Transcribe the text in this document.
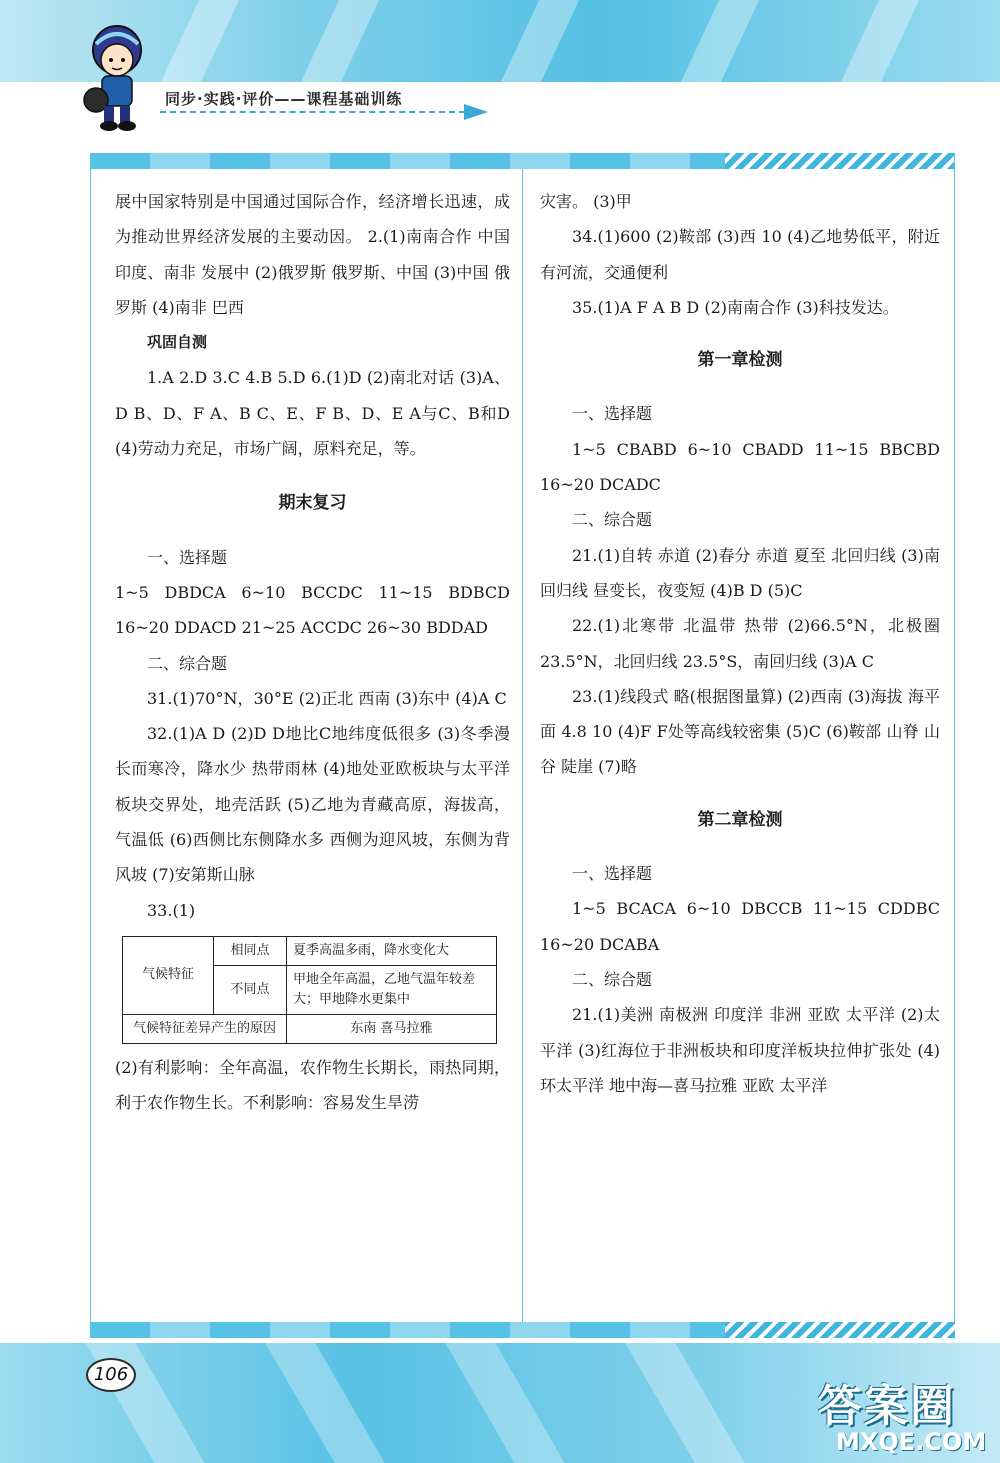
同步·实践·评价——课程基础训练

展中国家特别是中国通过国际合作，经济增长迅速，成为推动世界经济发展的主要动因。 2.(1)南南合作 中国 印度、南非 发展中 (2)俄罗斯 俄罗斯、中国 (3)中国 俄罗斯 (4)南非 巴西

巩固自测

1.A 2.D 3.C 4.B 5.D 6.(1)D (2)南北对话 (3)A、D B、D、F A、B C、E、F B、D、E A与C、B和D (4)劳动力充足，市场广阔，原料充足，等。

期末复习

一、选择题

1~5 DBDCA 6~10 BCCDC 11~15 BDBCD 16~20 DDACD 21~25 ACCDC 26~30 BDDAD

二、综合题

31.(1)70°N，30°E (2)正北 西南 (3)东中 (4)A C

32.(1)A D (2)D D地比C地纬度低很多 (3)冬季漫长而寒冷，降水少 热带雨林 (4)地处亚欧板块与太平洋板块交界处，地壳活跃 (5)乙地为青藏高原，海拔高，气温低 (6)西侧比东侧降水多 西侧为迎风坡，东侧为背风坡 (7)安第斯山脉

33.(1)

气候特征	相同点	夏季高温多雨，降水变化大
	不同点	甲地全年高温，乙地气温年较差大；甲地降水更集中
气候特征差异产生的原因		东南 喜马拉雅

(2)有利影响：全年高温，农作物生长期长，雨热同期，利于农作物生长。不利影响：容易发生旱涝

灾害。 (3)甲

34.(1)600 (2)鞍部 (3)西 10 (4)乙地势低平，附近有河流，交通便利

35.(1)A F A B D (2)南南合作 (3)科技发达。

第一章检测

一、选择题

1~5 CBABD 6~10 CBADD 11~15 BBCBD 16~20 DCADC

二、综合题

21.(1)自转 赤道 (2)春分 赤道 夏至 北回归线 (3)南回归线 昼变长，夜变短 (4)B D (5)C

22.(1)北寒带 北温带 热带 (2)66.5°N，北极圈 23.5°N，北回归线 23.5°S，南回归线 (3)A C

23.(1)线段式 略(根据图量算) (2)西南 (3)海拔 海平面 4.8 10 (4)F F处等高线较密集 (5)C (6)鞍部 山脊 山谷 陡崖 (7)略

第二章检测

一、选择题

1~5 BCACA 6~10 DBCCB 11~15 CDDBC 16~20 DCABA

二、综合题

21.(1)美洲 南极洲 印度洋 非洲 亚欧 太平洋 (2)太平洋 (3)红海位于非洲板块和印度洋板块拉伸扩张处 (4)环太平洋 地中海—喜马拉雅 亚欧 太平洋

106
答案圈
MXQE.COM
